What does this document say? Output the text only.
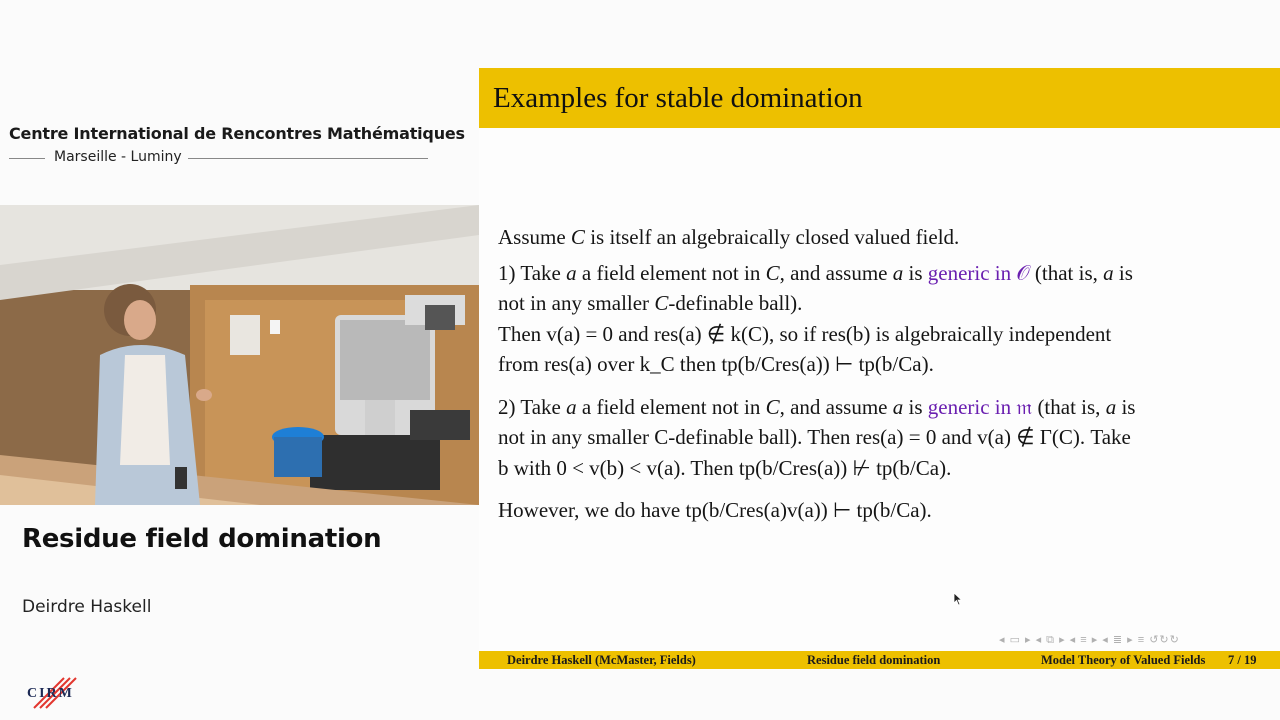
Centre International de Rencontres Mathématiques
Marseille - Luminy
Residue field domination
Deirdre Haskell
CIRM
Examples for stable domination
Assume C is itself an algebraically closed valued field.
1) Take a a field element not in C, and assume a is generic in 𝒪 (that is, a is
not in any smaller C-definable ball).
Then v(a) = 0 and res(a) ∉ k(C), so if res(b) is algebraically independent
from res(a) over k_C then tp(b/Cres(a)) ⊢ tp(b/Ca).
2) Take a a field element not in C, and assume a is generic in 𝔪 (that is, a is
not in any smaller C-definable ball). Then res(a) = 0 and v(a) ∉ Γ(C). Take
b with 0 < v(b) < v(a). Then tp(b/Cres(a)) ⊬ tp(b/Ca).
However, we do have tp(b/Cres(a)v(a)) ⊢ tp(b/Ca).
◂ ▭ ▸ ◂ ⧉ ▸ ◂ ≡ ▸ ◂ ≣ ▸ ≡ ↺↻↻
Deirdre Haskell (McMaster, Fields)	Residue field domination	Model Theory of Valued Fields 7 / 19
